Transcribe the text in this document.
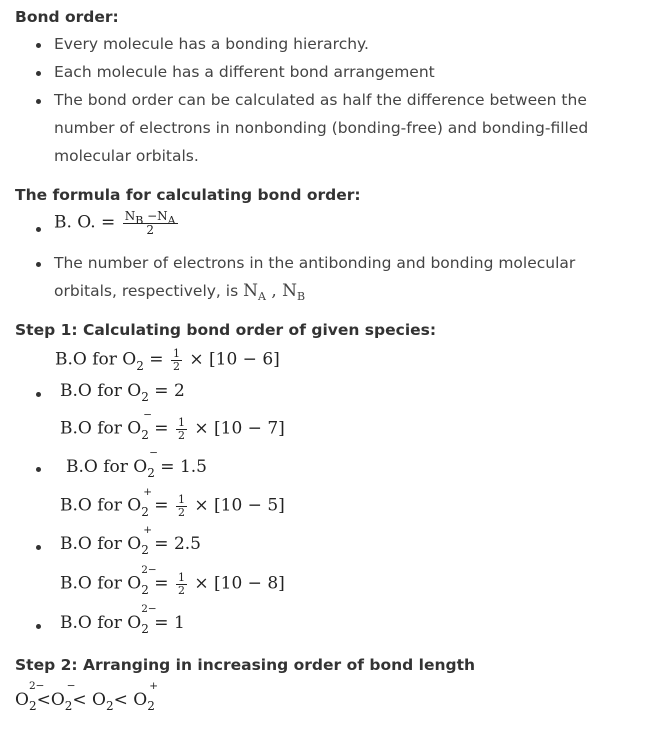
Bond order:
Every molecule has a bonding hierarchy.
Each molecule has a different bond arrangement
The bond order can be calculated as half the difference between the
number of electrons in nonbonding (bonding-free) and bonding-filled
molecular orbitals.
The formula for calculating bond order:
B. O. = $\frac{NB -NA}{2}$
The number of electrons in the antibonding and bonding molecular
orbitals, respectively, is $N_A$ , $N_B$
Step 1: Calculating bond order of given species:
B.O for $O_2 = \frac{1}{2} \times [10 - 6]$
B.O for $O_2 = 2$
B.O for $O_2$
−
= $\frac{1}{2} \times [10 - 7]$
B.O for $O_2$
−
= 1.5
B.O for $O_2$
+
= $\frac{1}{2} \times [10 - 5]$
B.O for $O_2$
+
= 2.5
B.O for $O_2$
2−
= $\frac{1}{2} \times [10 - 8]$
B.O for $O_2$
2−
= 1
Step 2: Arranging in increasing order of bond length
$O_2$
2−
$<O_2$
−
< $O_2< O_2$
+
